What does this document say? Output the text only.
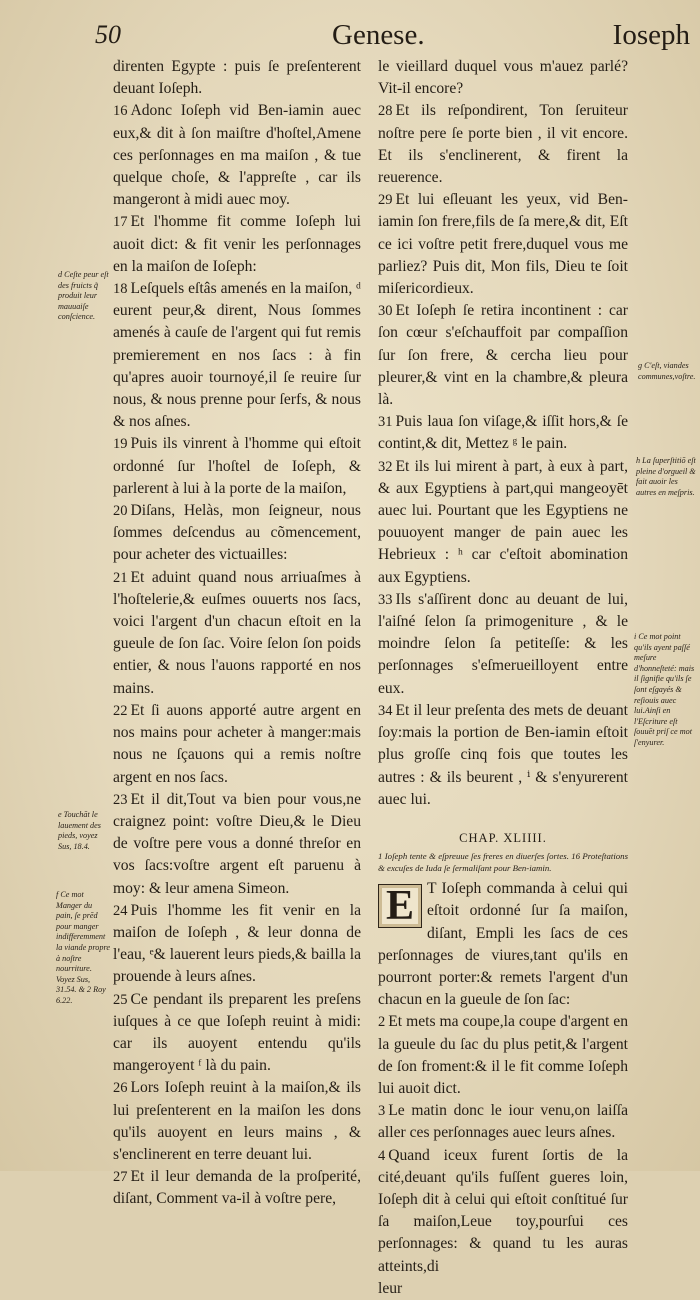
50	Genese.	Ioseph

direnten Egypte : puis ſe preſenterent deuant Ioſeph.

16 Adonc Ioſeph vid Ben-iamin auec eux,& dit à ſon maiſtre d'hoſtel,Amene ces perſonnages en ma maiſon , & tue quelque choſe, & l'appreſte , car ils mangeront à midi auec moy.

17 Et l'homme fit comme Ioſeph lui auoit dict: & fit venir les perſonnages en la maiſon de Ioſeph:

18 Leſquels eſtâs amenés en la maiſon, ᵈ eurent peur,& dirent, Nous ſommes amenés à cauſe de l'argent qui fut remis premierement en nos ſacs : à fin qu'apres auoir tournoyé,il ſe reuire ſur nous, & nous prenne pour ſerfs, & nous & nos aſnes.

19 Puis ils vinrent à l'homme qui eſtoit ordonné ſur l'hoſtel de Ioſeph, & parlerent à lui à la porte de la maiſon,

20 Diſans, Helàs, mon ſeigneur, nous ſommes deſcendus au cõmencement, pour acheter des victuailles:

21 Et aduint quand nous arriuaſmes à l'hoſtelerie,& euſmes ouuerts nos ſacs, voici l'argent d'un chacun eſtoit en la gueule de ſon ſac. Voire ſelon ſon poids entier, & nous l'auons rapporté en nos mains.

22 Et ſi auons apporté autre argent en nos mains pour acheter à manger:mais nous ne ſçauons qui a remis noſtre argent en nos ſacs.

23 Et il dit,Tout va bien pour vous,ne craignez point: voſtre Dieu,& le Dieu de voſtre pere vous a donné threſor en vos ſacs:voſtre argent eſt paruenu à moy: & leur amena Simeon.

24 Puis l'homme les fit venir en la maiſon de Ioſeph , & leur donna de l'eau, ᵉ& lauerent leurs pieds,& bailla la prouende à leurs aſnes.

25 Ce pendant ils preparent les preſens iuſques à ce que Ioſeph reuint à midi: car ils auoyent entendu qu'ils mangeroyent ᶠ là du pain.

26 Lors Ioſeph reuint à la maiſon,& ils lui preſenterent en la maiſon les dons qu'ils auoyent en leurs mains , & s'enclinerent en terre deuant lui.

27 Et il leur demanda de la proſperité, diſant, Comment va-il à voſtre pere,

le vieillard duquel vous m'auez parlé? Vit-il encore?

28 Et ils reſpondirent, Ton ſeruiteur noſtre pere ſe porte bien , il vit encore. Et ils s'enclinerent, & firent la reuerence.

29 Et lui eſleuant les yeux, vid Ben-iamin ſon frere,fils de ſa mere,& dit, Eſt ce ici voſtre petit frere,duquel vous me parliez? Puis dit, Mon fils, Dieu te ſoit miſericordieux.

30 Et Ioſeph ſe retira incontinent : car ſon cœur s'eſchauffoit par compaſſion ſur ſon frere, & cercha lieu pour pleurer,& vint en la chambre,& pleura là.

31 Puis laua ſon viſage,& iſſit hors,& ſe contint,& dit, Mettez ᵍ le pain.

32 Et ils lui mirent à part, à eux à part, & aux Egyptiens à part,qui mangeoyēt auec lui. Pourtant que les Egyptiens ne pouuoyent manger de pain auec les Hebrieux : ʰ car c'eſtoit abomination aux Egyptiens.

33 Ils s'aſſirent donc au deuant de lui, l'aiſné ſelon ſa primogeniture , & le moindre ſelon ſa petiteſſe: & les perſonnages s'eſmerueilloyent entre eux.

34 Et il leur preſenta des mets de deuant ſoy:mais la portion de Ben-iamin eſtoit plus groſſe cinq fois que toutes les autres : & ils beurent , ⁱ & s'enyurerent auec lui.

CHAP. XLIIII.
1 Ioſeph tente & eſpreuue ſes freres en diuerſes ſortes. 16 Proteſtations & excuſes de Iuda ſe ſermaliſant pour Ben-iamin.

E T Ioſeph commanda à celui qui eſtoit ordonné ſur ſa maiſon, diſant, Empli les ſacs de ces perſonnages de viures,tant qu'ils en pourront porter:& remets l'argent d'un chacun en la gueule de ſon ſac:

2 Et mets ma coupe,la coupe d'argent en la gueule du ſac du plus petit,& l'argent de ſon froment:& il le fit comme Ioſeph lui auoit dict.

3 Le matin donc le iour venu,on laiſſa aller ces perſonnages auec leurs aſnes.

4 Quand iceux furent ſortis de la cité,deuant qu'ils fuſſent gueres loin, Ioſeph dit à celui qui eſtoit conſtitué ſur ſa maiſon,Leue toy,pourſui ces perſonnages: & quand tu les auras atteints,di

leur

d Ceſte peur eſt des fruicts q̃ produit leur mauuaiſe conſcience.
e Touchāt le lauement des pieds, voyez Sus, 18.4.
f Ce mot Manger du pain, ſe prēd pour manger indifferemment la viande propre à noſtre nourriture. Voyez Sus, 31.54. & 2 Roy 6.22.
g C'eſt, viandes communes,voſtre.
h La ſuperſtitiō eſt pleine d'orgueil & fait auoir les autres en meſpris.
i Ce mot point qu'ils ayent paſſé meſure d'honneſteté: mais il ſignifie qu'ils ſe ſont eſgayés & reſiouis auec lui.Ainſi en l'Eſcriture eſt ſouuēt priſ ce mot ſ'enyurer.
